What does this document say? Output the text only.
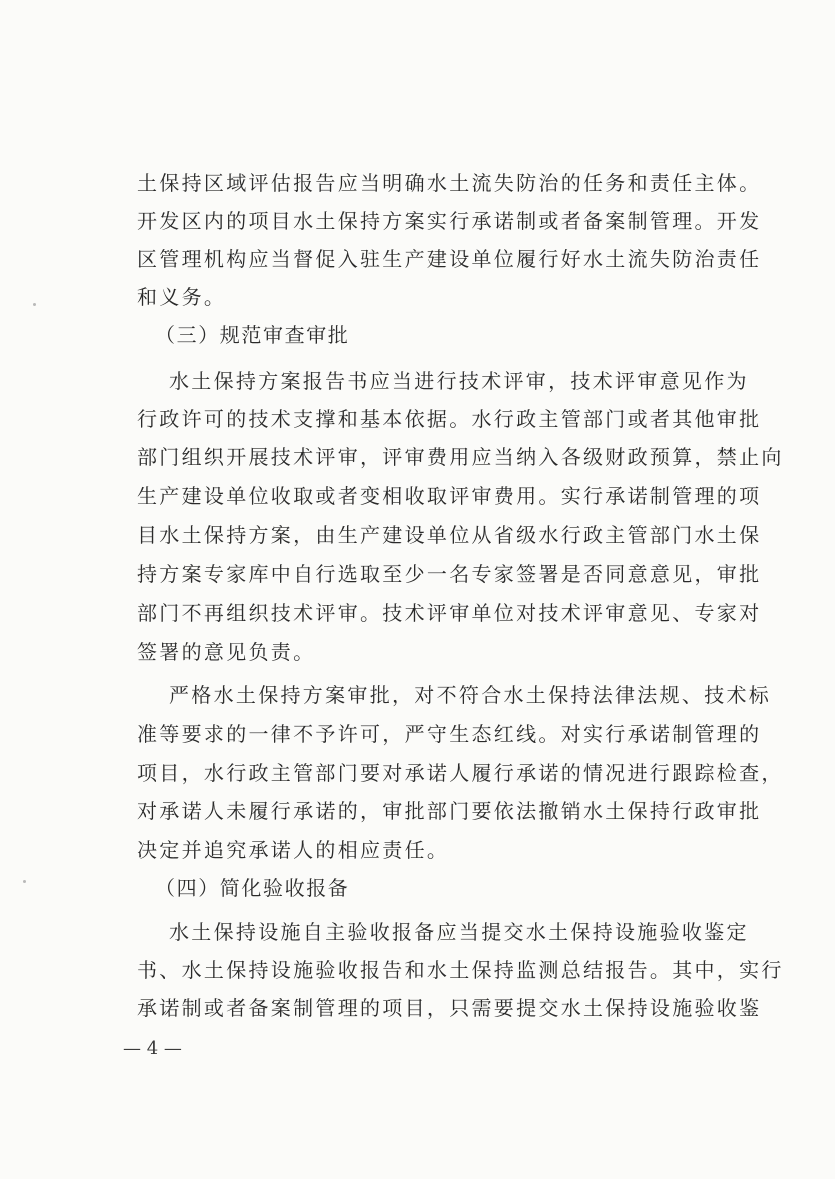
土保持区域评估报告应当明确水土流失防治的任务和责任主体。
开发区内的项目水土保持方案实行承诺制或者备案制管理。开发
区管理机构应当督促入驻生产建设单位履行好水土流失防治责任
和义务。
（三）规范审查审批
水土保持方案报告书应当进行技术评审，技术评审意见作为
行政许可的技术支撑和基本依据。水行政主管部门或者其他审批
部门组织开展技术评审，评审费用应当纳入各级财政预算，禁止向
生产建设单位收取或者变相收取评审费用。实行承诺制管理的项
目水土保持方案，由生产建设单位从省级水行政主管部门水土保
持方案专家库中自行选取至少一名专家签署是否同意意见，审批
部门不再组织技术评审。技术评审单位对技术评审意见、专家对
签署的意见负责。
严格水土保持方案审批，对不符合水土保持法律法规、技术标
准等要求的一律不予许可，严守生态红线。对实行承诺制管理的
项目，水行政主管部门要对承诺人履行承诺的情况进行跟踪检查，
对承诺人未履行承诺的，审批部门要依法撤销水土保持行政审批
决定并追究承诺人的相应责任。
（四）简化验收报备
水土保持设施自主验收报备应当提交水土保持设施验收鉴定
书、水土保持设施验收报告和水土保持监测总结报告。其中，实行
承诺制或者备案制管理的项目，只需要提交水土保持设施验收鉴
— 4 —
